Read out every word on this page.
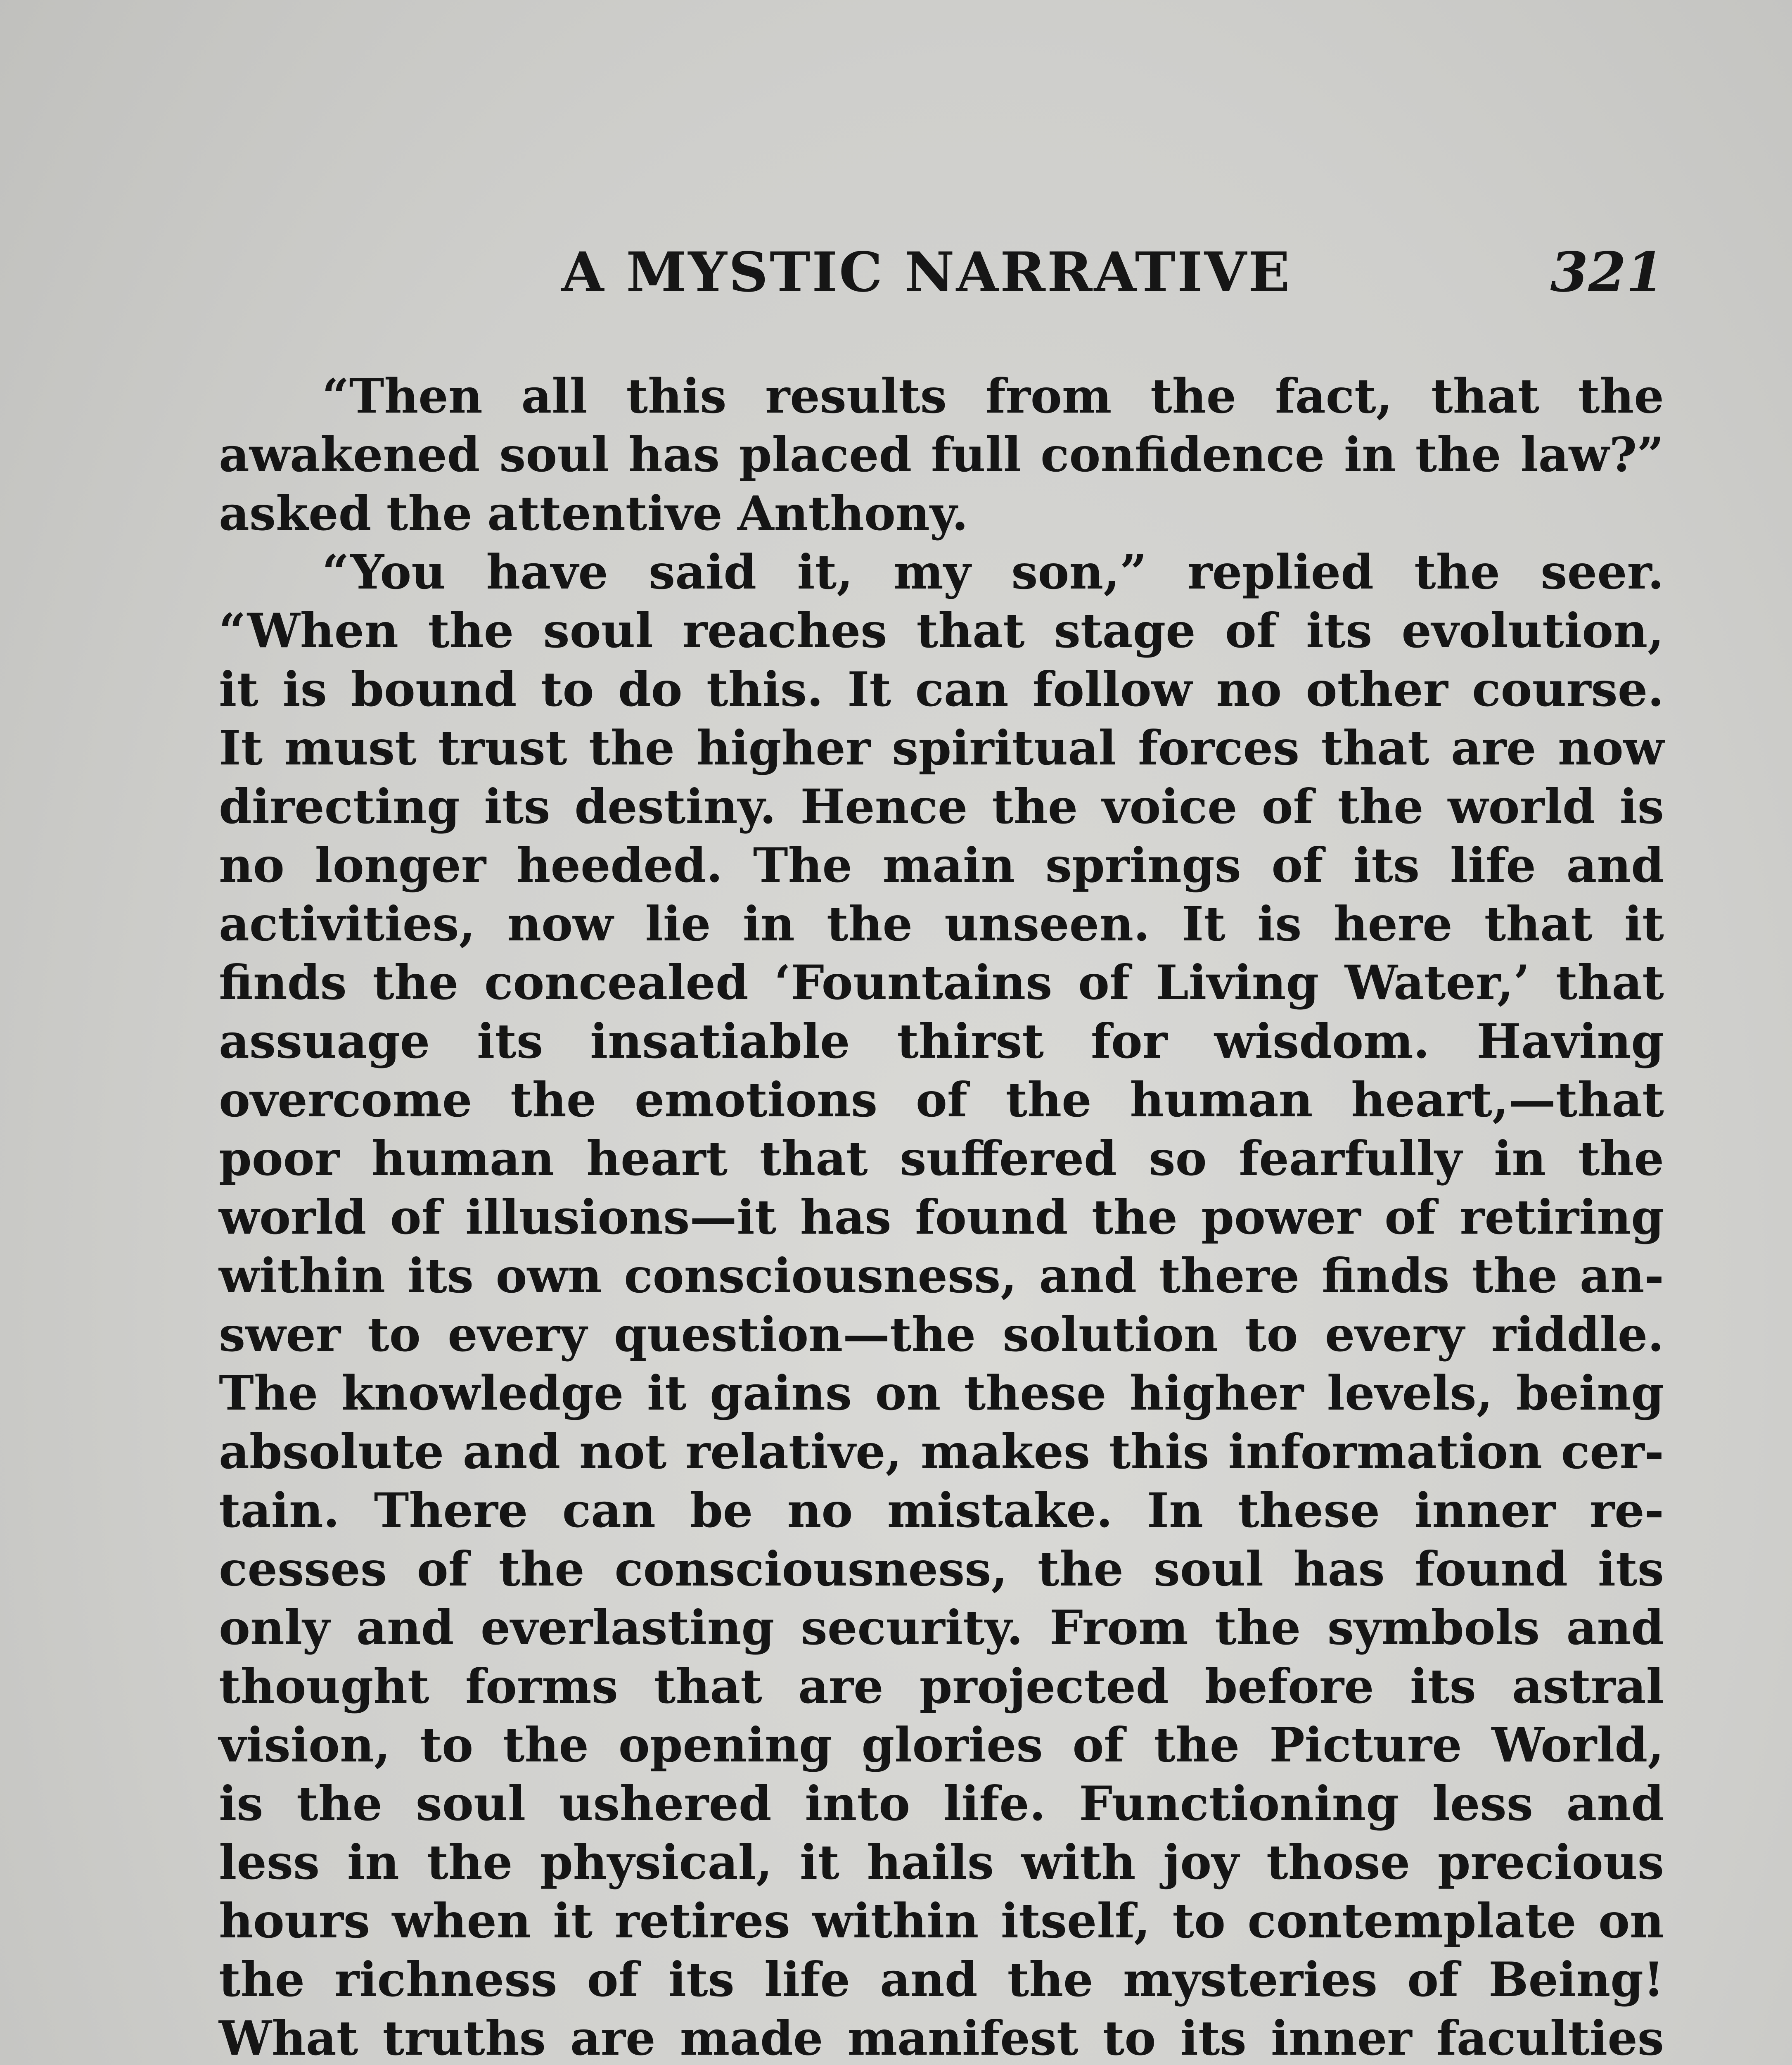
A MYSTIC NARRATIVE	321
“Then all this results from the fact, that the
awakened soul has placed full confidence in the law?”
asked the attentive Anthony.
“You have said it, my son,” replied the seer.
“When the soul reaches that stage of its evolution,
it is bound to do this. It can follow no other course.
It must trust the higher spiritual forces that are now
directing its destiny. Hence the voice of the world is
no longer heeded. The main springs of its life and
activities, now lie in the unseen. It is here that it
finds the concealed ‘Fountains of Living Water,’ that
assuage its insatiable thirst for wisdom. Having
overcome the emotions of the human heart,—that
poor human heart that suffered so fearfully in the
world of illusions—it has found the power of retiring
within its own consciousness, and there finds the an-
swer to every question—the solution to every riddle.
The knowledge it gains on these higher levels, being
absolute and not relative, makes this information cer-
tain. There can be no mistake. In these inner re-
cesses of the consciousness, the soul has found its
only and everlasting security. From the symbols and
thought forms that are projected before its astral
vision, to the opening glories of the Picture World,
is the soul ushered into life. Functioning less and
less in the physical, it hails with joy those precious
hours when it retires within itself, to contemplate on
the richness of its life and the mysteries of Being!
What truths are made manifest to its inner faculties
